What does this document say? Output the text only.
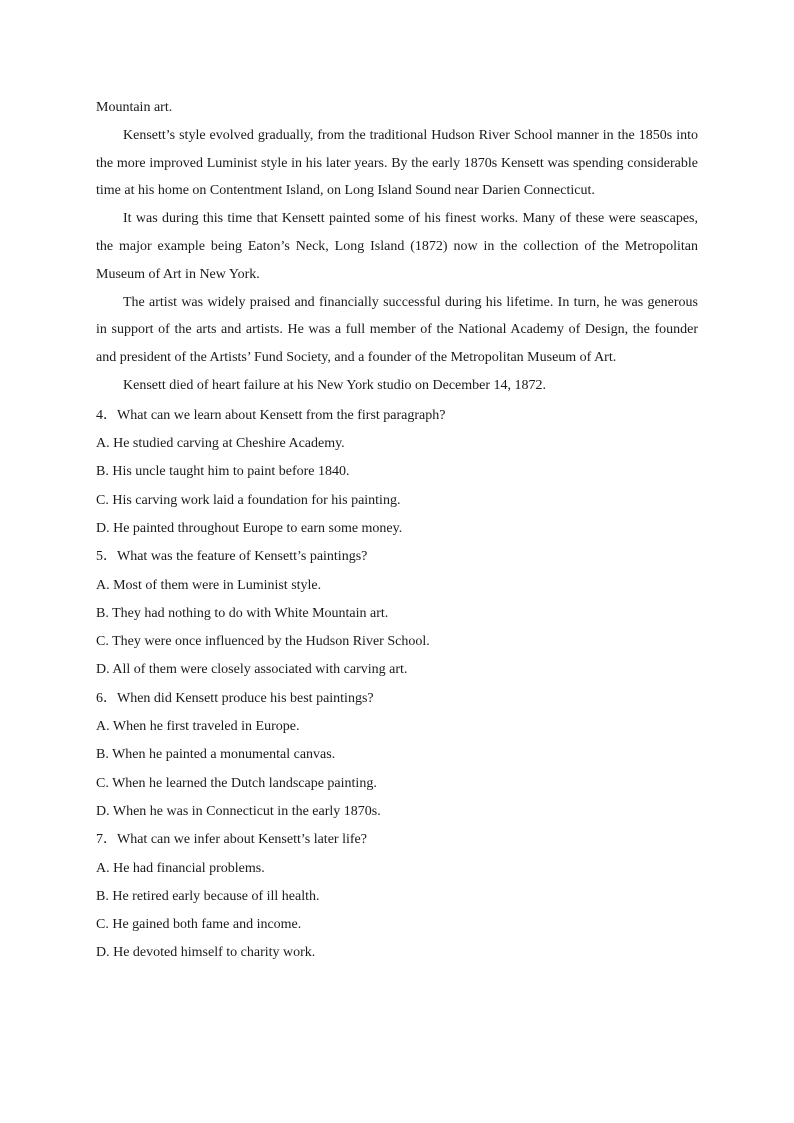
Mountain art.

Kensett’s style evolved gradually, from the traditional Hudson River School manner in the 1850s into the more improved Luminist style in his later years. By the early 1870s Kensett was spending considerable time at his home on Contentment Island, on Long Island Sound near Darien Connecticut.

It was during this time that Kensett painted some of his finest works. Many of these were seascapes, the major example being Eaton’s Neck, Long Island (1872) now in the collection of the Metropolitan Museum of Art in New York.

The artist was widely praised and financially successful during his lifetime. In turn, he was generous in support of the arts and artists. He was a full member of the National Academy of Design, the founder and president of the Artists’ Fund Society, and a founder of the Metropolitan Museum of Art.

Kensett died of heart failure at his New York studio on December 14, 1872.

4．What can we learn about Kensett from the first paragraph?

A. He studied carving at Cheshire Academy.

B. His uncle taught him to paint before 1840.

C. His carving work laid a foundation for his painting.

D. He painted throughout Europe to earn some money.

5．What was the feature of Kensett’s paintings?

A. Most of them were in Luminist style.

B. They had nothing to do with White Mountain art.

C. They were once influenced by the Hudson River School.

D. All of them were closely associated with carving art.

6．When did Kensett produce his best paintings?

A. When he first traveled in Europe.

B. When he painted a monumental canvas.

C. When he learned the Dutch landscape painting.

D. When he was in Connecticut in the early 1870s.

7．What can we infer about Kensett’s later life?

A. He had financial problems.

B. He retired early because of ill health.

C. He gained both fame and income.

D. He devoted himself to charity work.
